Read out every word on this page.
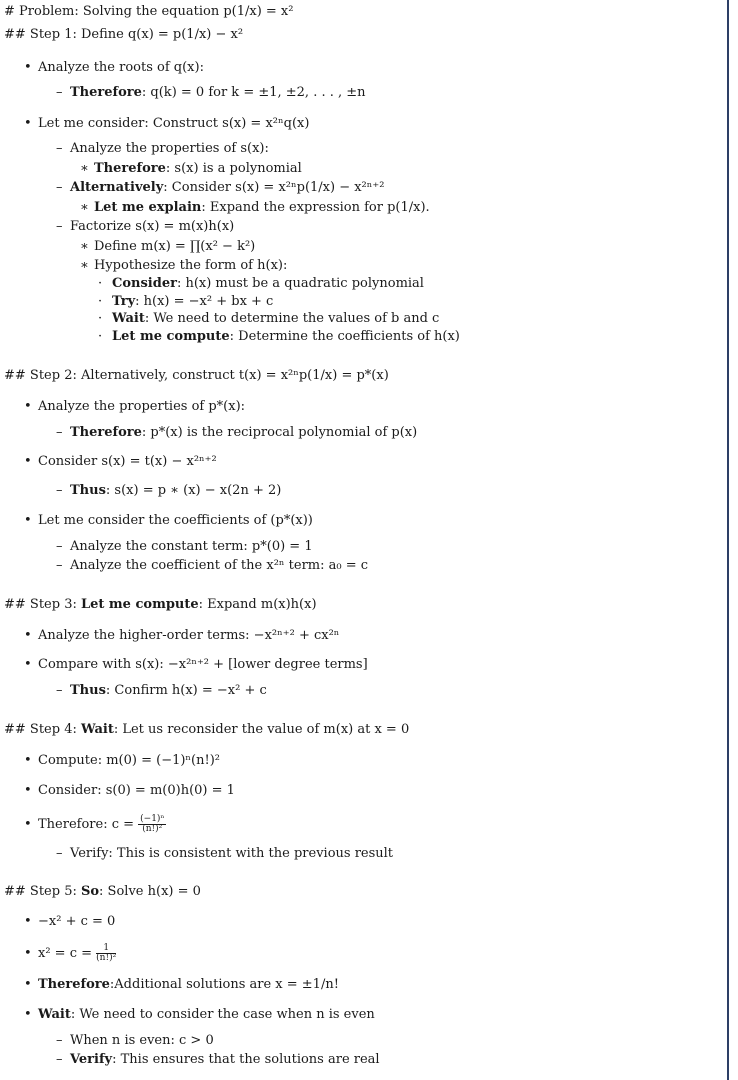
# Problem: Solving the equation p(1/x) = x²
## Step 1: Define q(x) = p(1/x) − x²
• Analyze the roots of q(x):
– Therefore: q(k) = 0 for k = ±1, ±2, . . . , ±n
• Let me consider: Construct s(x) = x²ⁿq(x)
– Analyze the properties of s(x):
∗ Therefore: s(x) is a polynomial
– Alternatively: Consider s(x) = x²ⁿp(1/x) − x²ⁿ⁺²
∗ Let me explain: Expand the expression for p(1/x).
– Factorize s(x) = m(x)h(x)
∗ Define m(x) = ∏(x² − k²)
∗ Hypothesize the form of h(x):
· Consider: h(x) must be a quadratic polynomial
· Try: h(x) = −x² + bx + c
· Wait: We need to determine the values of b and c
· Let me compute: Determine the coefficients of h(x)
## Step 2: Alternatively, construct t(x) = x²ⁿp(1/x) = p*(x)
• Analyze the properties of p*(x):
– Therefore: p*(x) is the reciprocal polynomial of p(x)
• Consider s(x) = t(x) − x²ⁿ⁺²
– Thus: s(x) = p ∗ (x) − x(2n + 2)
• Let me consider the coefficients of (p*(x))
– Analyze the constant term: p*(0) = 1
– Analyze the coefficient of the x²ⁿ term: a₀ = c
## Step 3: Let me compute: Expand m(x)h(x)
• Analyze the higher-order terms: −x²ⁿ⁺² + cx²ⁿ
• Compare with s(x): −x²ⁿ⁺² + [lower degree terms]
– Thus: Confirm h(x) = −x² + c
## Step 4: Wait: Let us reconsider the value of m(x) at x = 0
• Compute: m(0) = (−1)ⁿ(n!)²
• Consider: s(0) = m(0)h(0) = 1
• Therefore: $c = \frac{\text{(−1)ⁿ}}{\text{(n!)²}}$
– Verify: This is consistent with the previous result
## Step 5: So: Solve h(x) = 0
• −x² + c = 0
• $x^2 = c = \frac{1}{\text{(n!)²}}$
• Therefore:Additional solutions are x = ±1/n!
• Wait: We need to consider the case when n is even
– When n is even: c > 0
– Verify: This ensures that the solutions are real
